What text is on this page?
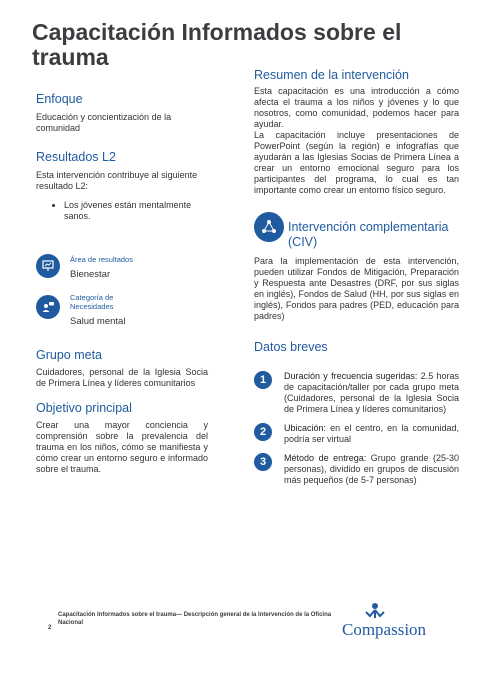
Capacitación Informados sobre el trauma
Enfoque

Educación y concientización de la comunidad

Resultados L2

Esta intervención contribuye al siguiente resultado L2:

• Los jóvenes están mentalmente sanos.
Área de resultados
Bienestar
Categoría de Necesidades
Salud mental
Grupo meta

Cuidadores, personal de la Iglesia Socia de Primera Línea y líderes comunitarios

Objetivo principal

Crear una mayor conciencia y comprensión sobre la prevalencia del trauma en los niños, cómo se manifiesta y cómo crear un entorno seguro e informado sobre el trauma.

Resumen de la intervención

Esta capacitación es una introducción a cómo afecta el trauma a los niños y jóvenes y lo que nosotros, como comunidad, podemos hacer para ayudar.

La capacitación incluye presentaciones de PowerPoint (según la región) e infografías que ayudarán a las Iglesias Socias de Primera Línea a crear un entorno emocional seguro para los participantes del programa, lo cual es tan importante como crear un entorno físico seguro.

Intervención complementaria (CIV)

Para la implementación de esta intervención, pueden utilizar Fondos de Mitigación, Preparación y Respuesta ante Desastres (DRF, por sus siglas en inglés), Fondos de Salud (HH, por sus siglas en inglés), Fondos para padres (PED, educación para padres)

Datos breves
1	Duración y frecuencia sugeridas: 2.5 horas de capacitación/taller por cada grupo meta (Cuidadores, personal de la Iglesia Socia de Primera Línea y líderes comunitarios)

2	Ubicación: en el centro, en la comunidad, podría ser virtual

3	Método de entrega: Grupo grande (25-30 personas), dividido en grupos de discusión más pequeños (de 5-7 personas)

2
Capacitación Informados sobre el trauma— Descripción general de la Intervención de la Oficina Nacional	Compassion
